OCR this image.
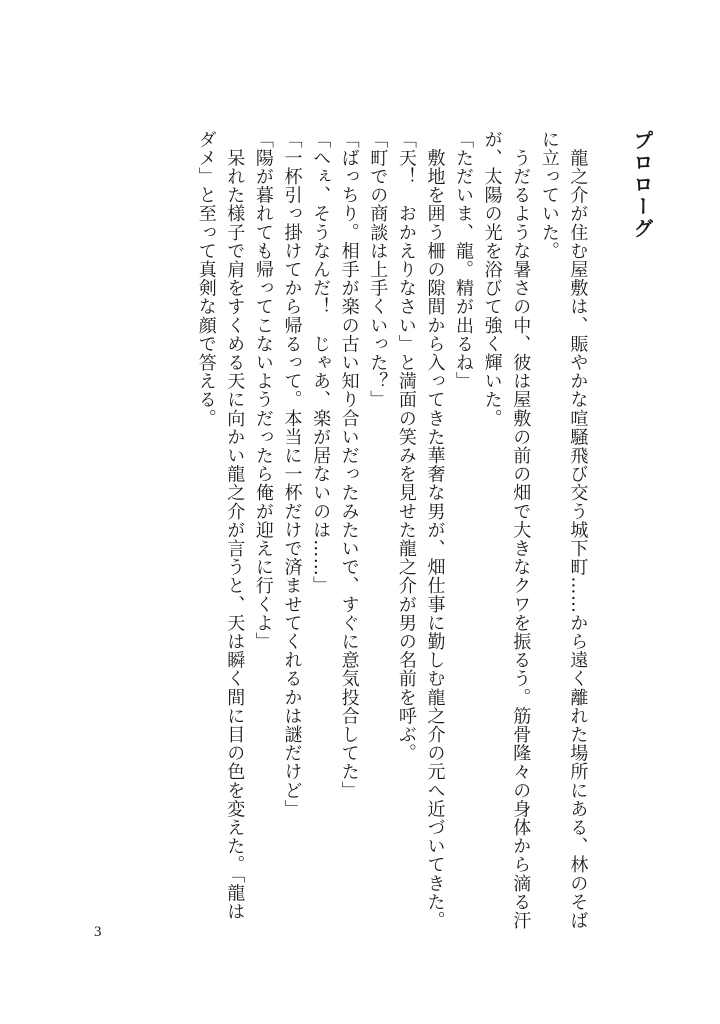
プロローグ
　龍之介が住む屋敷は、賑やかな喧騒飛び交う城下町……から遠く離れた場所にある、林のそば
に立っていた。
　うだるような暑さの中、彼は屋敷の前の畑で大きなクワを振るう。筋骨隆々の身体から滴る汗
が、太陽の光を浴びて強く輝いた。
「ただいま、龍。精が出るね」
　敷地を囲う柵の隙間から入ってきた華奢な男が、畑仕事に勤しむ龍之介の元へ近づいてきた。
「天！　おかえりなさい」と満面の笑みを見せた龍之介が男の名前を呼ぶ。
「町での商談は上手くいった？」
「ばっちり。相手が楽の古い知り合いだったみたいで、すぐに意気投合してた」
「へぇ、そうなんだ！　じゃあ、楽が居ないのは……」
「一杯引っ掛けてから帰るって。本当に一杯だけで済ませてくれるかは謎だけど」
「陽が暮れても帰ってこないようだったら俺が迎えに行くよ」
　呆れた様子で肩をすくめる天に向かい龍之介が言うと、天は瞬く間に目の色を変えた。「龍は
ダメ」と至って真剣な顔で答える。
3
